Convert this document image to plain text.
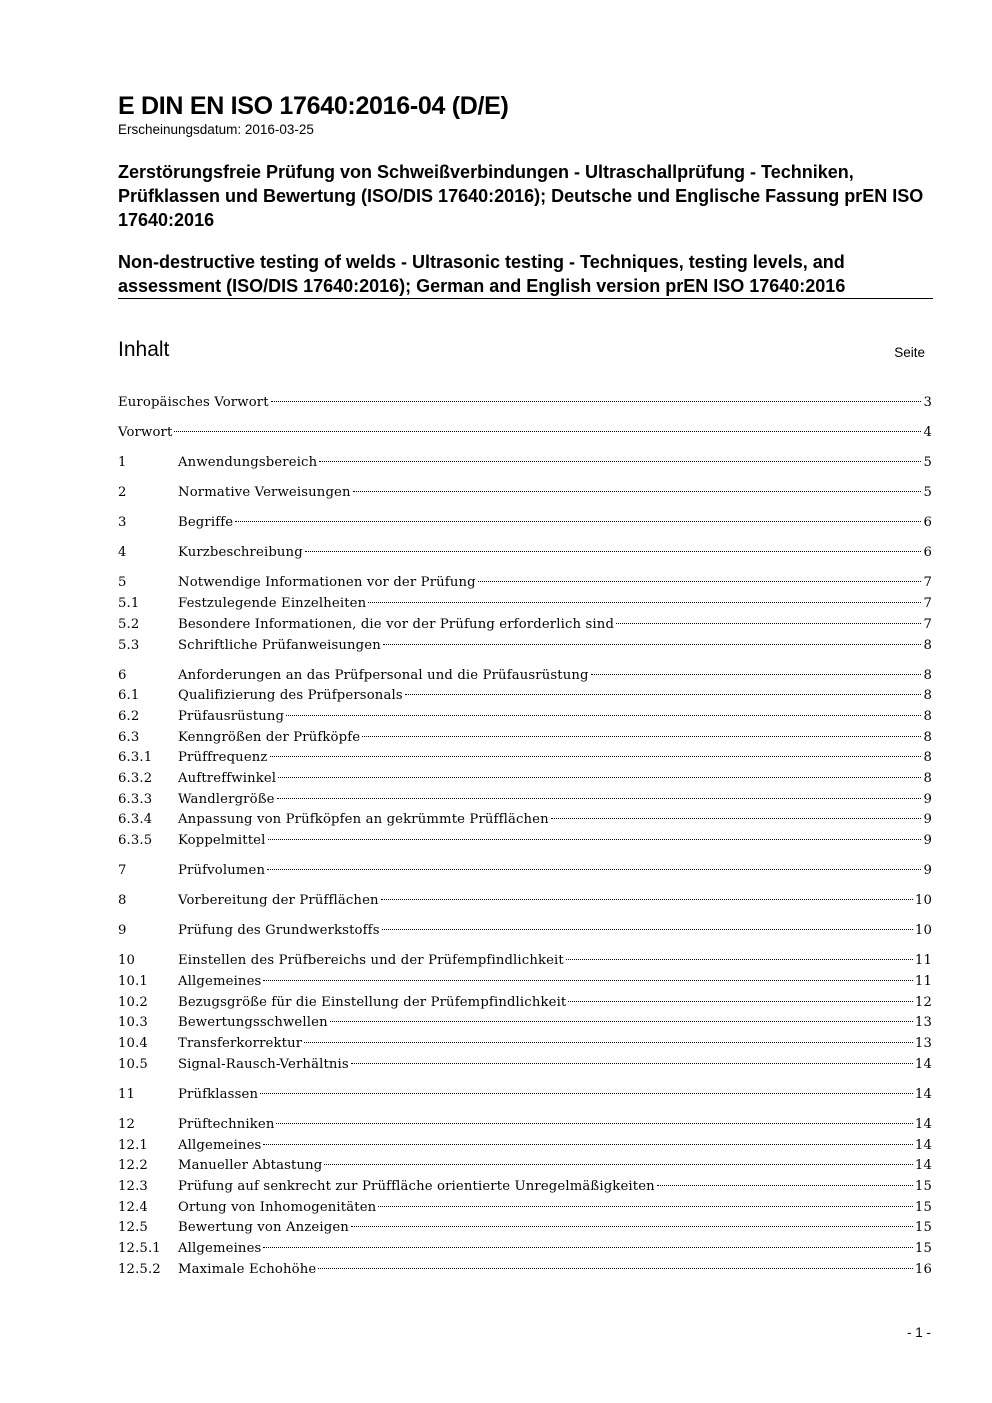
E DIN EN ISO 17640:2016-04 (D/E)
Erscheinungsdatum: 2016-03-25
Zerstörungsfreie Prüfung von Schweißverbindungen - Ultraschallprüfung - Techniken, Prüfklassen und Bewertung (ISO/DIS 17640:2016); Deutsche und Englische Fassung prEN ISO 17640:2016
Non-destructive testing of welds - Ultrasonic testing - Techniques, testing levels, and assessment (ISO/DIS 17640:2016); German and English version prEN ISO 17640:2016
Inhalt	Seite
Europäisches Vorwort	3
Vorwort	4
1	Anwendungsbereich	5
2	Normative Verweisungen	5
3	Begriffe	6
4	Kurzbeschreibung	6
5	Notwendige Informationen vor der Prüfung	7
5.1	Festzulegende Einzelheiten	7
5.2	Besondere Informationen, die vor der Prüfung erforderlich sind	7
5.3	Schriftliche Prüfanweisungen	8
6	Anforderungen an das Prüfpersonal und die Prüfausrüstung	8
6.1	Qualifizierung des Prüfpersonals	8
6.2	Prüfausrüstung	8
6.3	Kenngrößen der Prüfköpfe	8
6.3.1 Prüffrequenz	8
6.3.2 Auftreffwinkel	8
6.3.3 Wandlergröße	9
6.3.4 Anpassung von Prüfköpfen an gekrümmte Prüfflächen	9
6.3.5 Koppelmittel	9
7	Prüfvolumen	9
8	Vorbereitung der Prüfflächen	10
9	Prüfung des Grundwerkstoffs	10
10	Einstellen des Prüfbereichs und der Prüfempfindlichkeit	11
10.1 Allgemeines	11
10.2 Bezugsgröße für die Einstellung der Prüfempfindlichkeit	12
10.3 Bewertungsschwellen	13
10.4 Transferkorrektur	13
10.5 Signal-Rausch-Verhältnis	14
11	Prüfklassen	14
12	Prüftechniken	14
12.1 Allgemeines	14
12.2 Manueller Abtastung	14
12.3 Prüfung auf senkrecht zur Prüffläche orientierte Unregelmäßigkeiten	15
12.4 Ortung von Inhomogenitäten	15
12.5 Bewertung von Anzeigen	15
12.5.1 Allgemeines	15
12.5.2 Maximale Echohöhe	16
- 1 -
